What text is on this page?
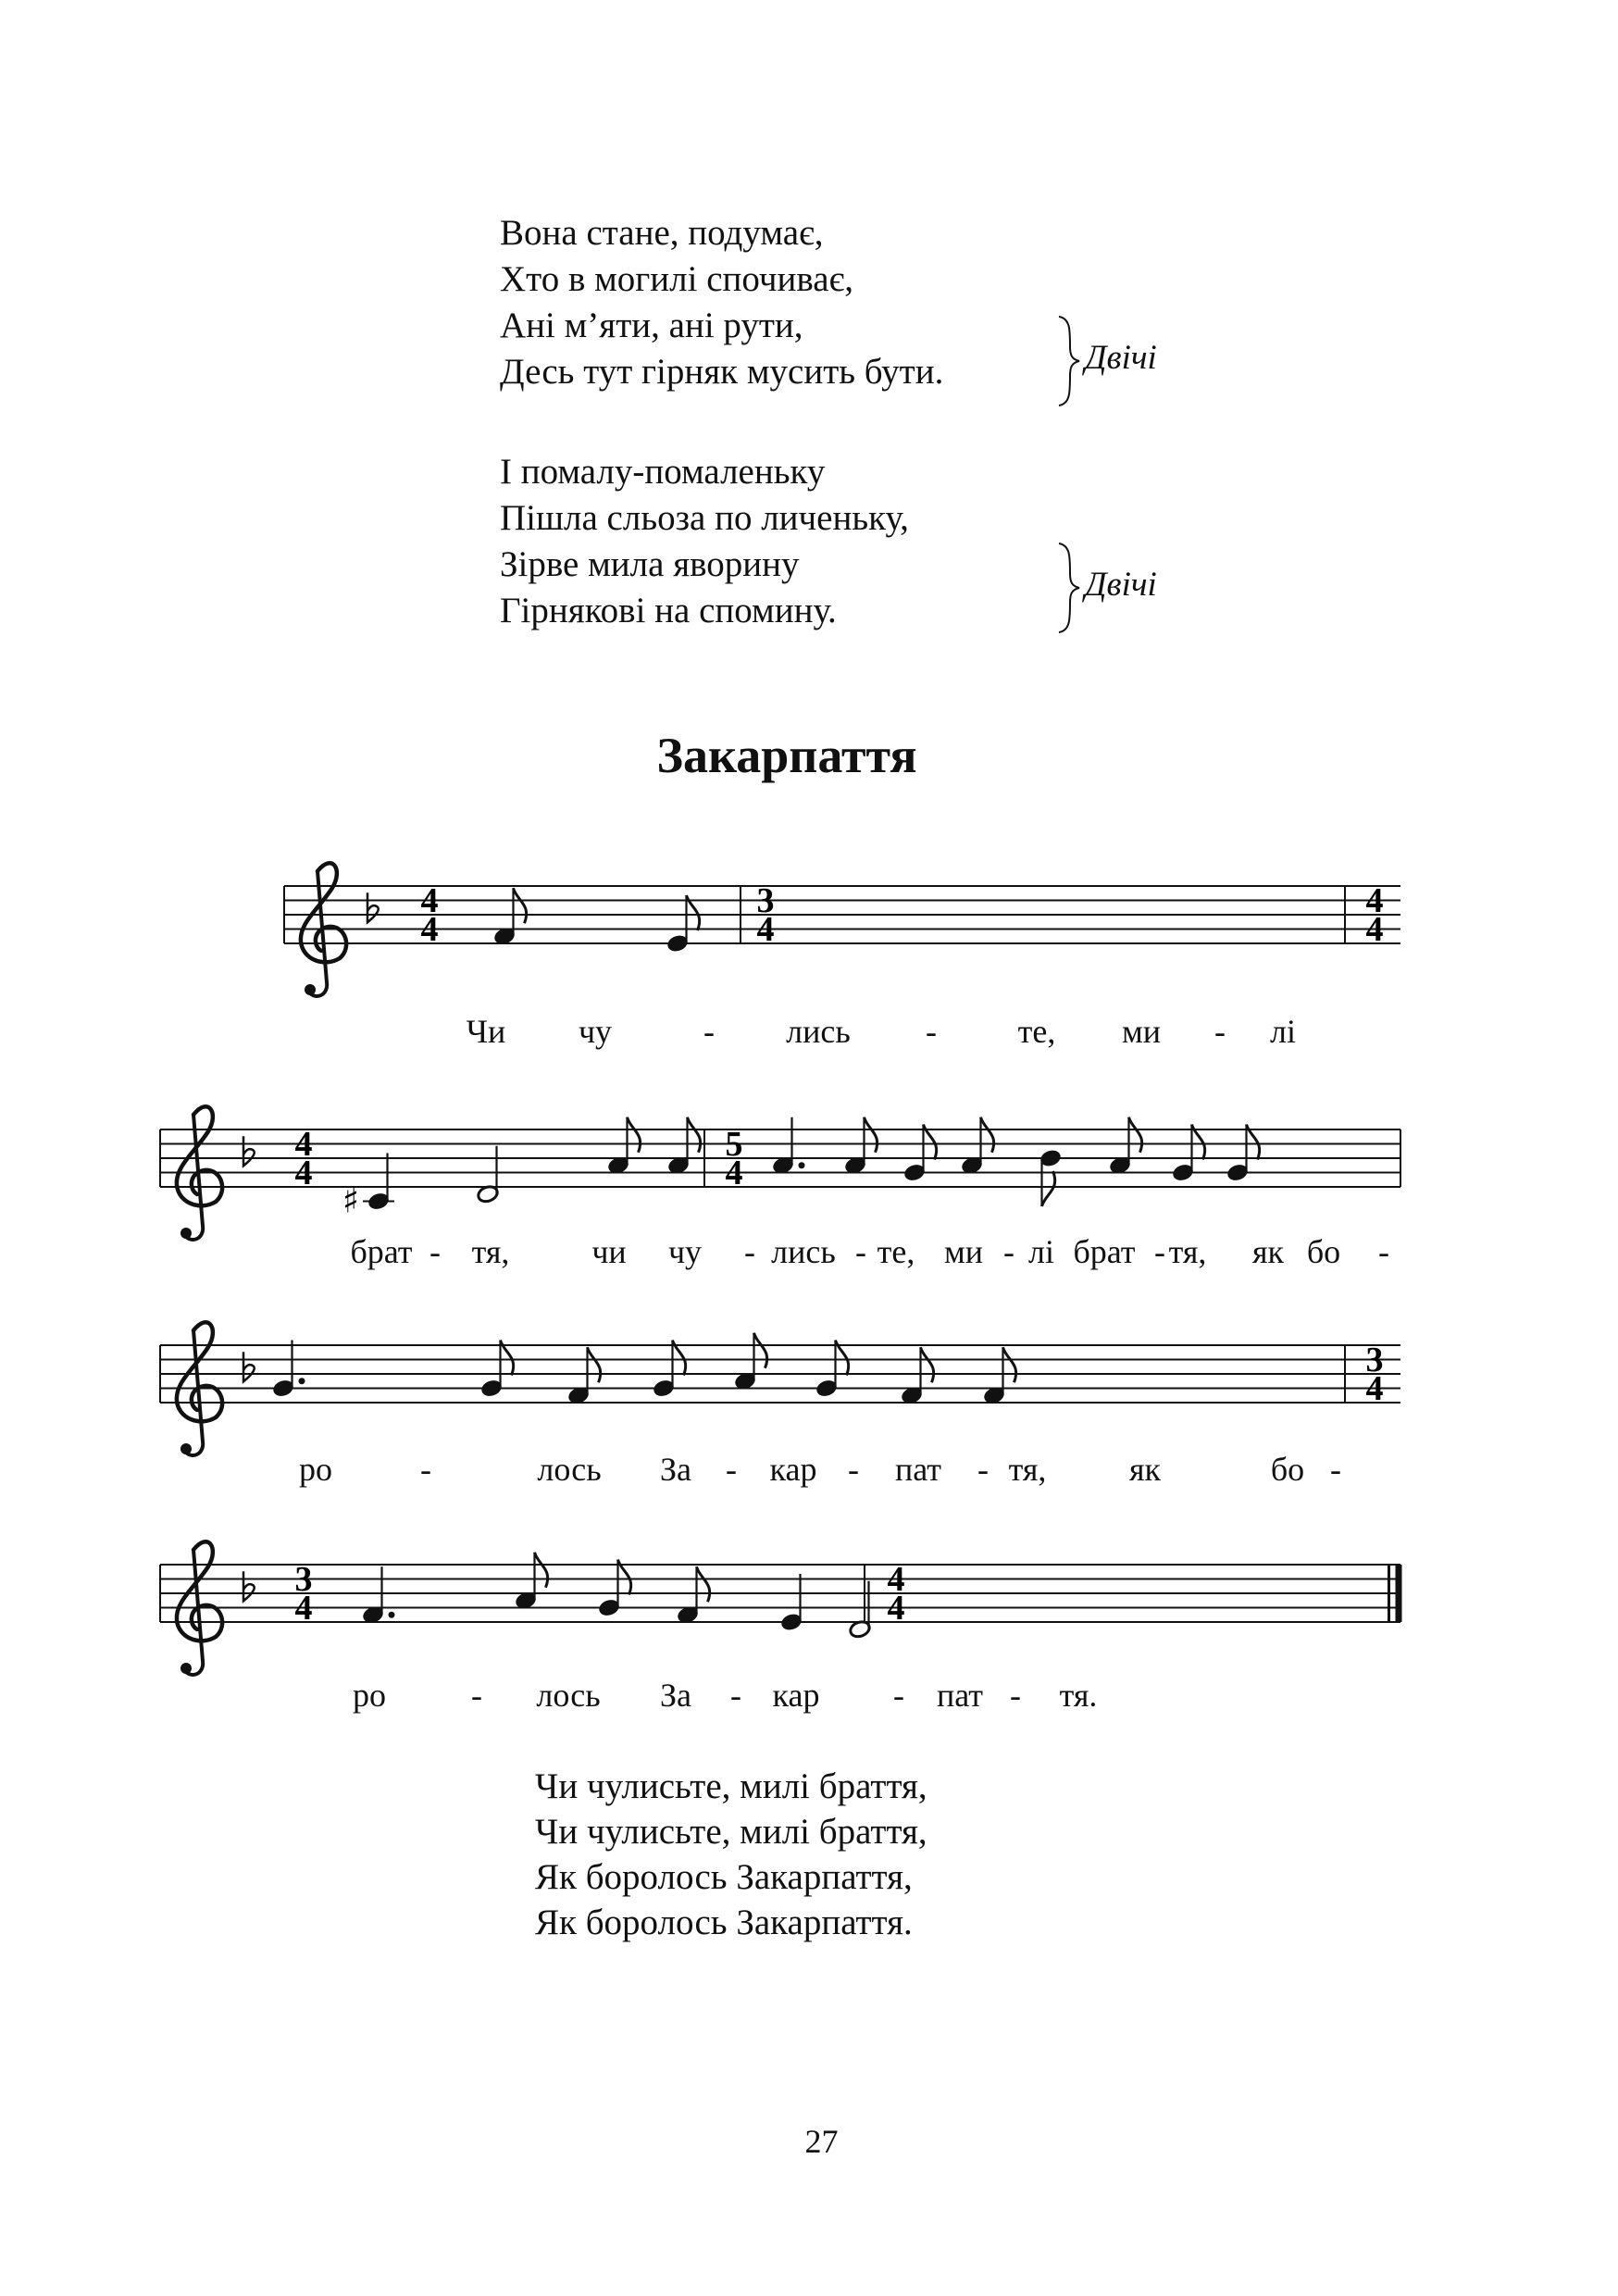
Вона стане, подумає,
Хто в могилі спочиває,
Ані м’яти, ані рути,
Десь тут гірняк мусить бути.	Двічі
І помалу-помаленьку
Пішла сльоза по личеньку,
Зірве мила яворину
Гірнякові на спомину.
Двічі
Закарпаття
4
4
3
4
4
4
4
4
5
4
♯
3
4
3
4
4
4
Чи чу	- лись - те, ми - лі
брат - тя, чи чу - лись - те, ми - лі брат - тя, як бо -
ро	-	лось За - кар - пат - тя, як	бо -
ро	- лось За - кар - пат - тя.
Чи чулисьте, милі браття,
Чи чулисьте, милі браття,
Як боролось Закарпаття,
Як боролось Закарпаття.
27
